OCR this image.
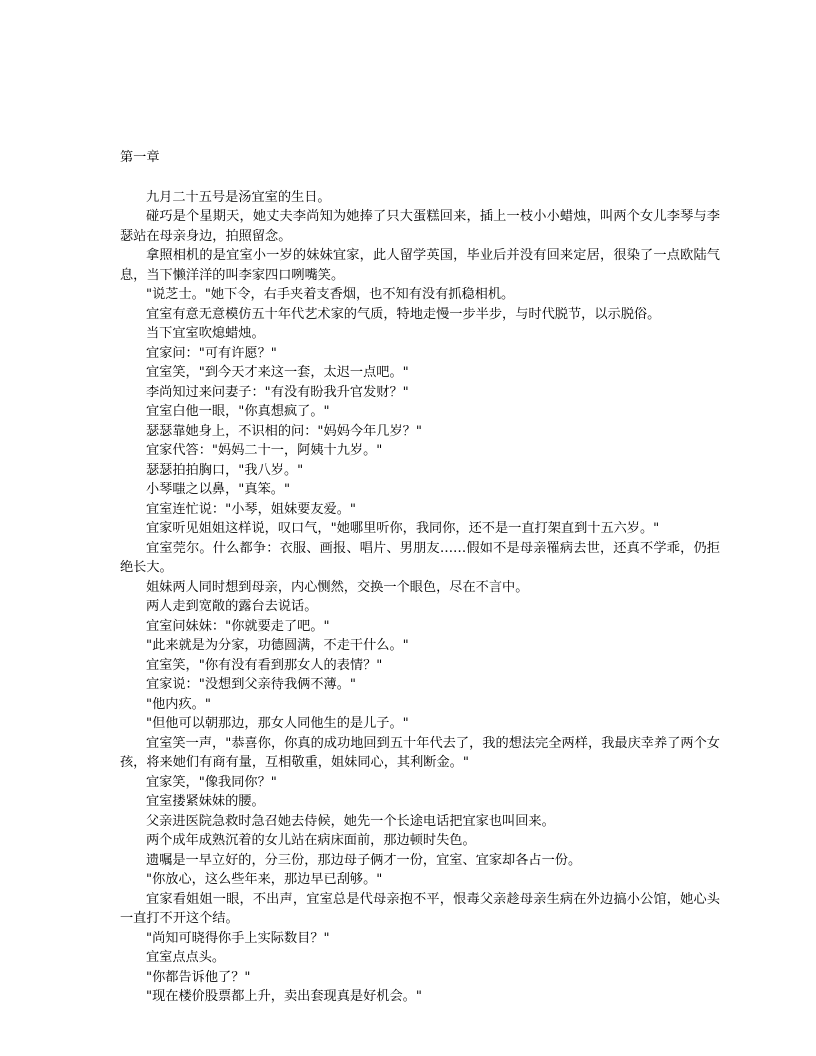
第一章

九月二十五号是汤宜室的生日。

碰巧是个星期天，她丈夫李尚知为她捧了只大蛋糕回来，插上一枝小小蜡烛，叫两个女儿李琴与李瑟站在母亲身边，拍照留念。

拿照相机的是宜室小一岁的妹妹宜家，此人留学英国，毕业后并没有回来定居，很染了一点欧陆气息，当下懒洋洋的叫李家四口咧嘴笑。

"说芝士。"她下令，右手夹着支香烟，也不知有没有抓稳相机。

宜室有意无意模仿五十年代艺术家的气质，特地走慢一步半步，与时代脱节，以示脱俗。

当下宜室吹熄蜡烛。

宜家问："可有许愿？"

宜室笑，"到今天才来这一套，太迟一点吧。"

李尚知过来问妻子："有没有盼我升官发财？"

宜室白他一眼，"你真想疯了。"

瑟瑟靠她身上，不识相的问："妈妈今年几岁？"

宜家代答："妈妈二十一，阿姨十九岁。"

瑟瑟拍拍胸口，"我八岁。"

小琴嗤之以鼻，"真笨。"

宜室连忙说："小琴，姐妹要友爱。"

宜家听见姐姐这样说，叹口气，"她哪里听你，我同你，还不是一直打架直到十五六岁。"

宜室莞尔。什么都争：衣服、画报、唱片、男朋友……假如不是母亲罹病去世，还真不学乖，仍拒绝长大。

姐妹两人同时想到母亲，内心恻然，交换一个眼色，尽在不言中。

两人走到宽敞的露台去说话。

宜室问妹妹："你就要走了吧。"

"此来就是为分家，功德圆满，不走干什么。"

宜室笑，"你有没有看到那女人的表情？"

宜家说："没想到父亲待我俩不薄。"

"他内疚。"

"但他可以朝那边，那女人同他生的是儿子。"

宜室笑一声，"恭喜你，你真的成功地回到五十年代去了，我的想法完全两样，我最庆幸养了两个女孩，将来她们有商有量，互相敬重，姐妹同心，其利断金。"

宜家笑，"像我同你？"

宜室搂紧妹妹的腰。

父亲进医院急救时急召她去侍候，她先一个长途电话把宜家也叫回来。

两个成年成熟沉着的女儿站在病床面前，那边顿时失色。

遗嘱是一早立好的，分三份，那边母子俩才一份，宜室、宜家却各占一份。

"你放心，这么些年来，那边早已刮够。"

宜家看姐姐一眼，不出声，宜室总是代母亲抱不平，恨毒父亲趁母亲生病在外边搞小公馆，她心头一直打不开这个结。

"尚知可晓得你手上实际数目？"

宜室点点头。

"你都告诉他了？"

"现在楼价股票都上升，卖出套现真是好机会。"
